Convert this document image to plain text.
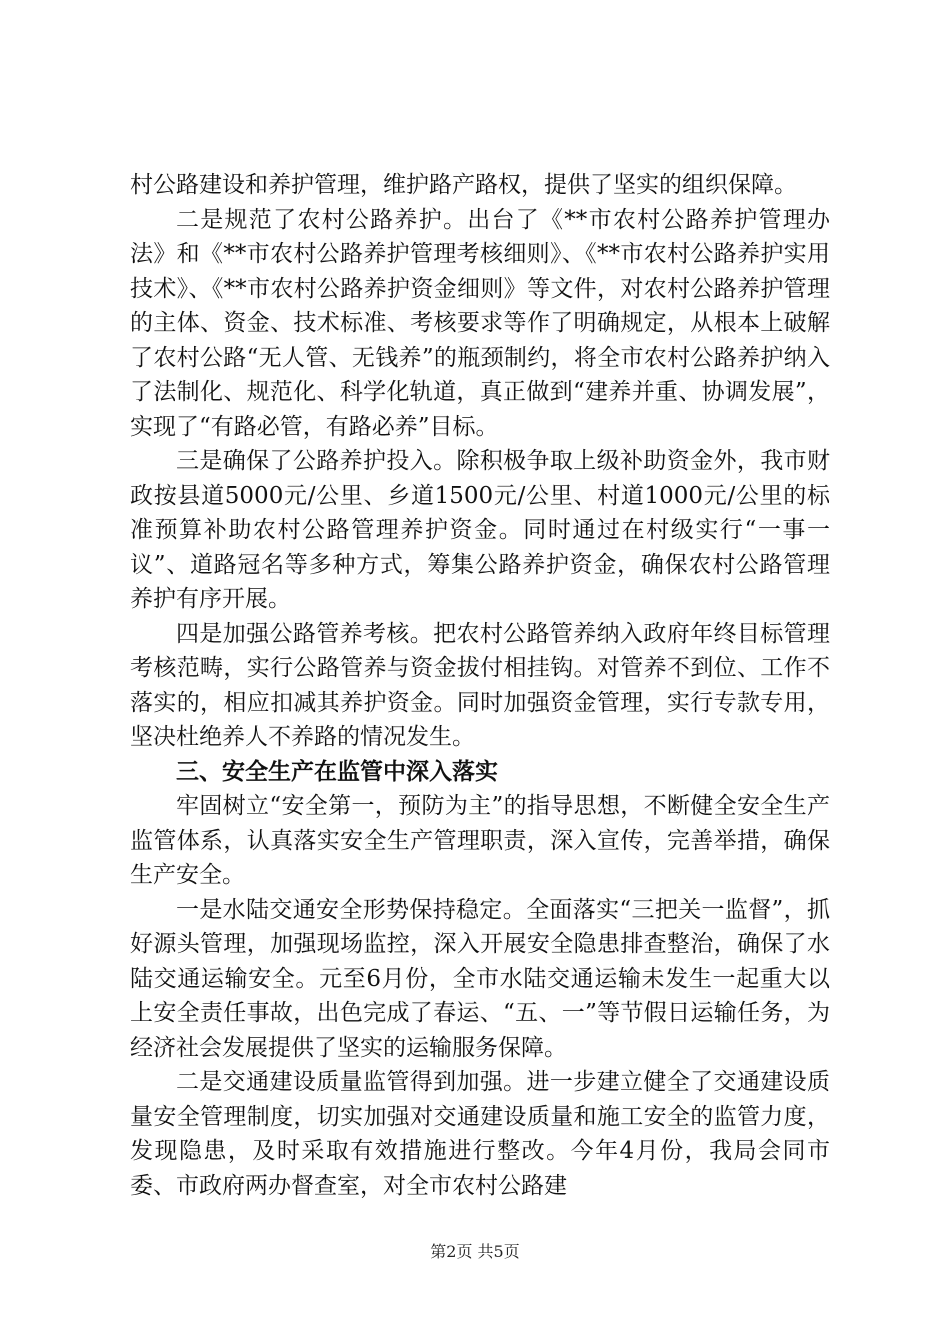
村公路建设和养护管理，维护路产路权，提供了坚实的组织保障。

二是规范了农村公路养护。出台了《**市农村公路养护管理办法》和《**市农村公路养护管理考核细则》、《**市农村公路养护实用技术》、《**市农村公路养护资金细则》等文件，对农村公路养护管理的主体、资金、技术标准、考核要求等作了明确规定，从根本上破解了农村公路“无人管、无钱养”的瓶颈制约，将全市农村公路养护纳入了法制化、规范化、科学化轨道，真正做到“建养并重、协调发展”，实现了“有路必管，有路必养”目标。

三是确保了公路养护投入。除积极争取上级补助资金外，我市财政按县道5000元/公里、乡道1500元/公里、村道1000元/公里的标准预算补助农村公路管理养护资金。同时通过在村级实行“一事一议”、道路冠名等多种方式，筹集公路养护资金，确保农村公路管理养护有序开展。

四是加强公路管养考核。把农村公路管养纳入政府年终目标管理考核范畴，实行公路管养与资金拔付相挂钩。对管养不到位、工作不落实的，相应扣减其养护资金。同时加强资金管理，实行专款专用，坚决杜绝养人不养路的情况发生。

三、安全生产在监管中深入落实

牢固树立“安全第一，预防为主”的指导思想，不断健全安全生产监管体系，认真落实安全生产管理职责，深入宣传，完善举措，确保生产安全。

一是水陆交通安全形势保持稳定。全面落实“三把关一监督”，抓好源头管理，加强现场监控，深入开展安全隐患排查整治，确保了水陆交通运输安全。元至6月份，全市水陆交通运输未发生一起重大以上安全责任事故，出色完成了春运、“五、一”等节假日运输任务，为经济社会发展提供了坚实的运输服务保障。

二是交通建设质量监管得到加强。进一步建立健全了交通建设质量安全管理制度，切实加强对交通建设质量和施工安全的监管力度，发现隐患，及时采取有效措施进行整改。今年4月份，我局会同市委、市政府两办督查室，对全市农村公路建

第2页 共5页
